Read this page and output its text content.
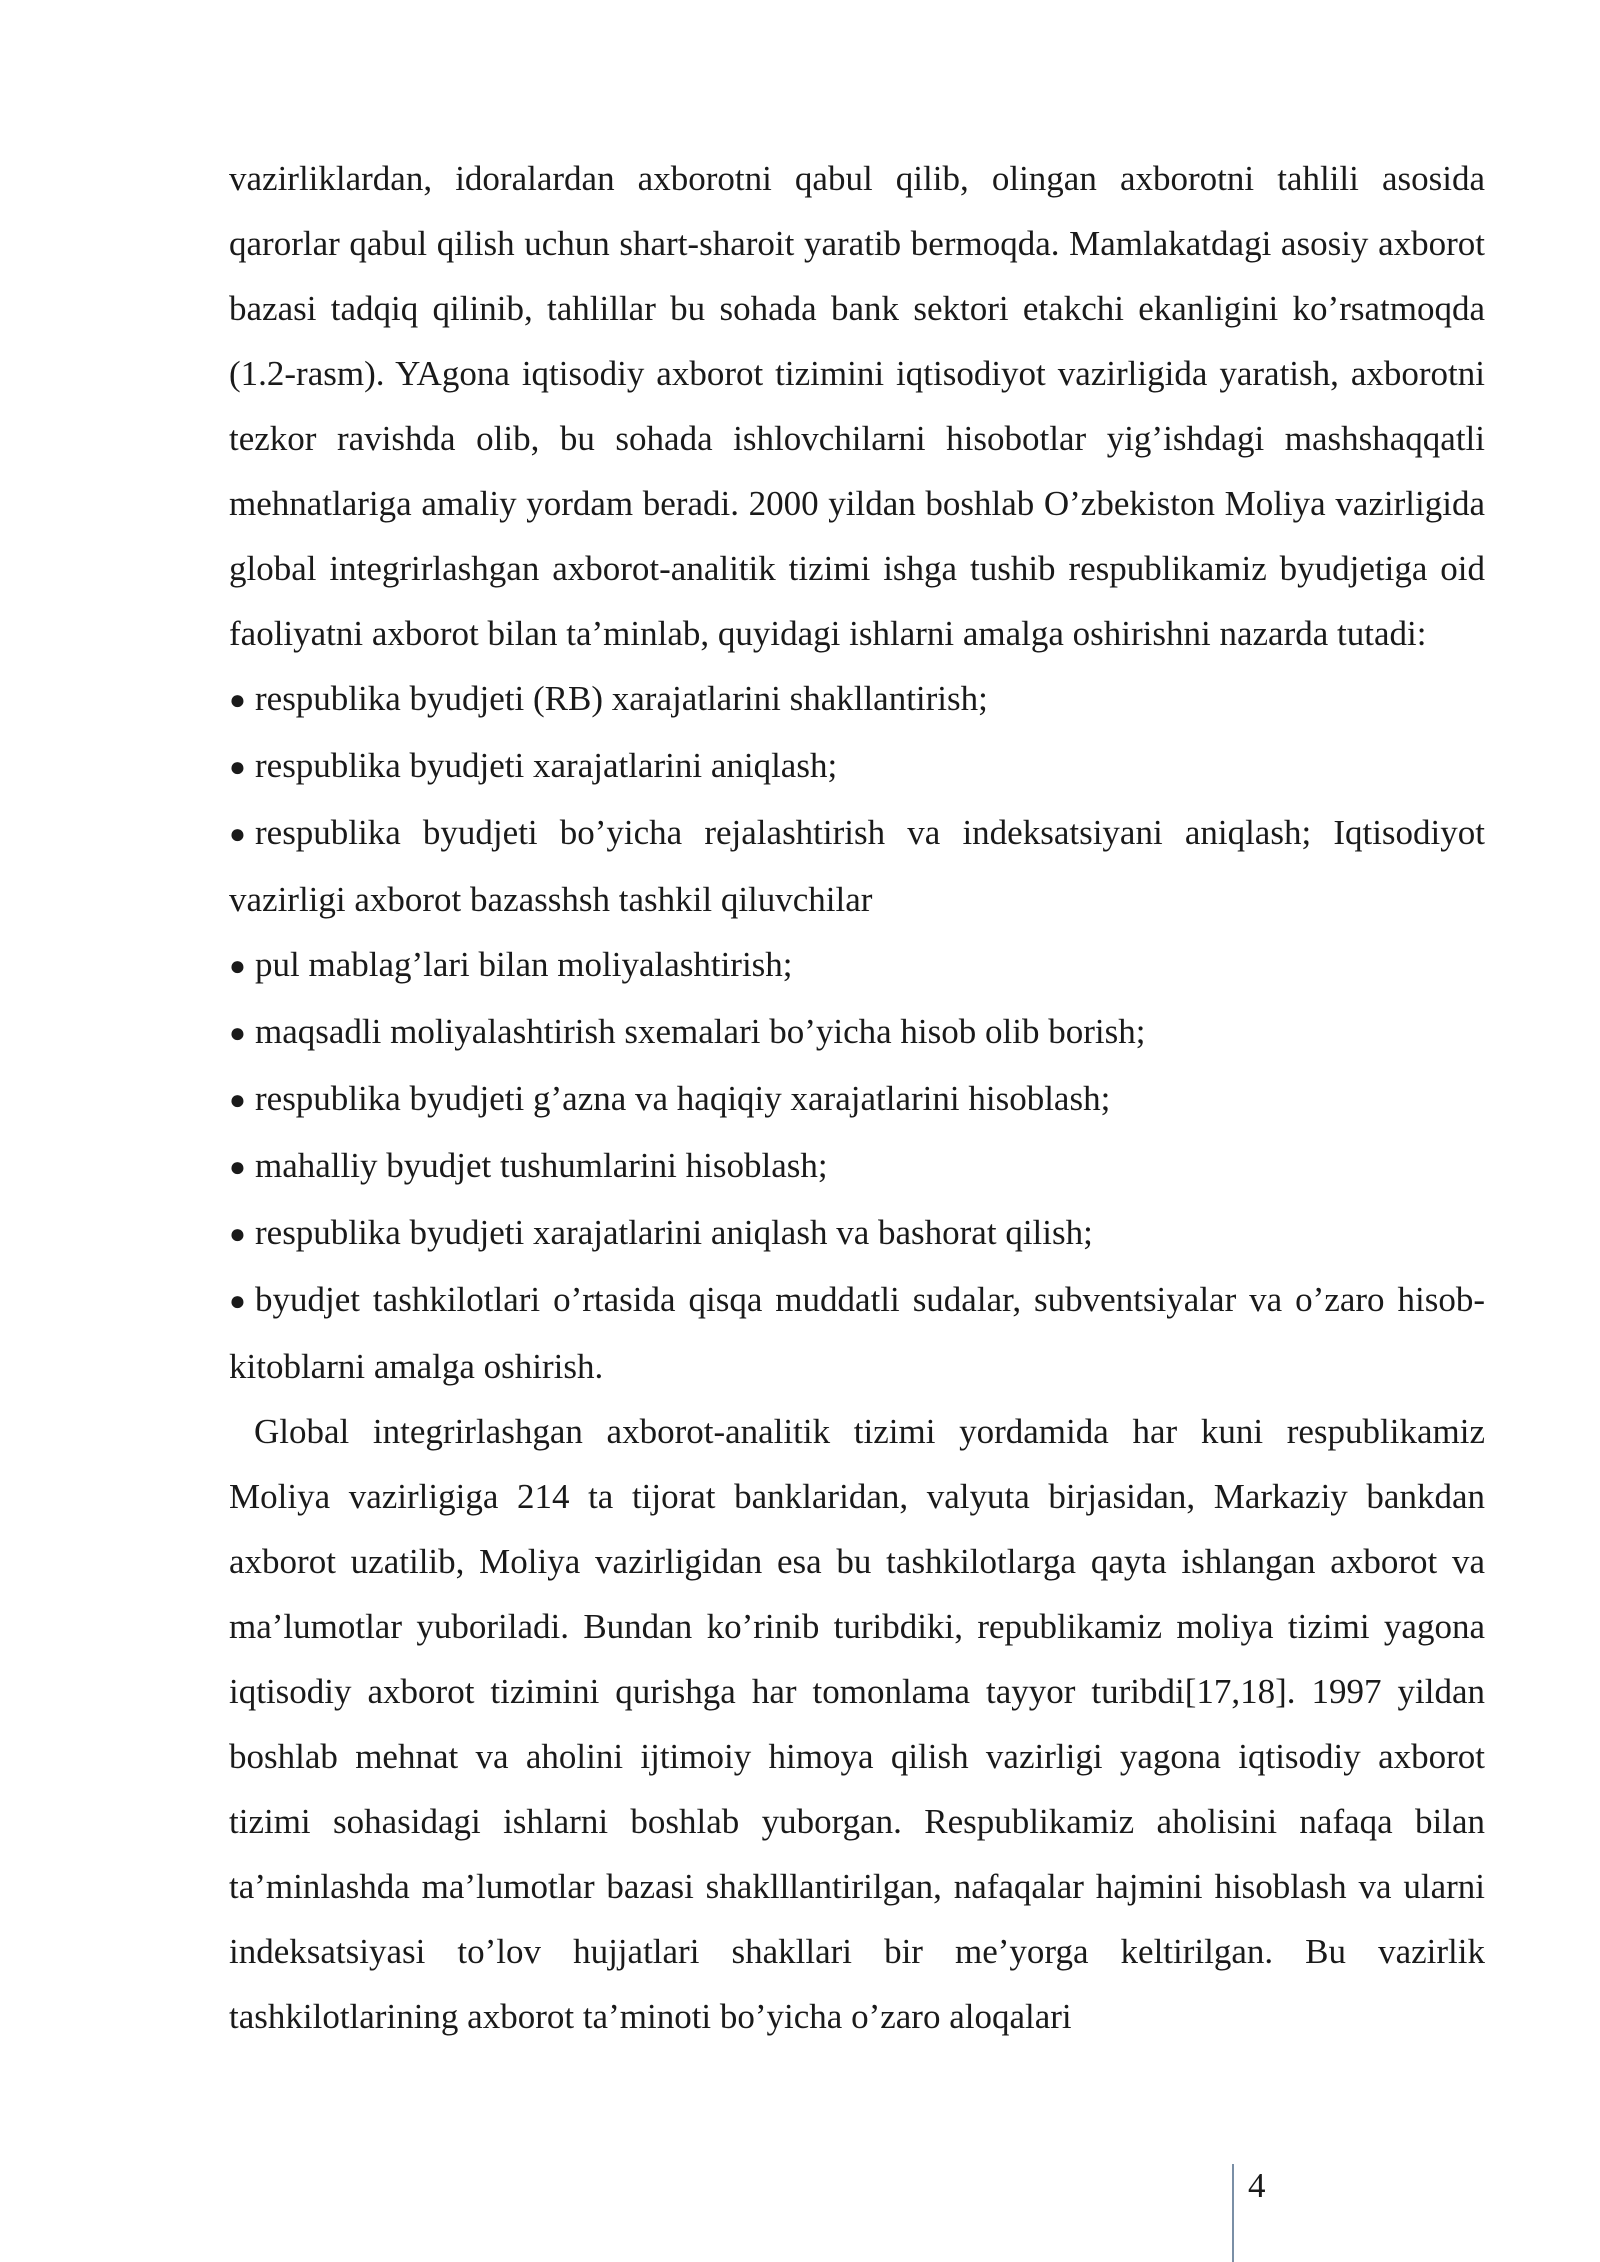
vazirliklardan, idoralardan axborotni qabul qilib, olingan axborotni tahlili asosida qarorlar qabul qilish uchun shart-sharoit yaratib bermoqda. Mamlakatdagi asosiy axborot bazasi tadqiq qilinib, tahlillar bu sohada bank sektori etakchi ekanligini ko’rsatmoqda (1.2-rasm). YAgona iqtisodiy axborot tizimini iqtisodiyot vazirligida yaratish, axborotni tezkor ravishda olib, bu sohada ishlovchilarni hisobotlar yig’ishdagi mashshaqqatli mehnatlariga amaliy yordam beradi. 2000 yildan boshlab O’zbekiston Moliya vazirligida global integrirlashgan axborot-analitik tizimi ishga tushib respublikamiz byudjetiga oid faoliyatni axborot bilan ta’minlab, quyidagi ishlarni amalga oshirishni nazarda tutadi:

● respublika byudjeti (RB) xarajatlarini shakllantirish;
● respublika byudjeti xarajatlarini aniqlash;
● respublika byudjeti bo’yicha rejalashtirish va indeksatsiyani aniqlash; Iqtisodiyot vazirligi axborot bazasshsh tashkil qiluvchilar
● pul mablag’lari bilan moliyalashtirish;
● maqsadli moliyalashtirish sxemalari bo’yicha hisob olib borish;
● respublika byudjeti g’azna va haqiqiy xarajatlarini hisoblash;
● mahalliy byudjet tushumlarini hisoblash;
● respublika byudjeti xarajatlarini aniqlash va bashorat qilish;
● byudjet tashkilotlari o’rtasida qisqa muddatli sudalar, subventsiyalar va o’zaro hisob-kitoblarni amalga oshirish.

Global integrirlashgan axborot-analitik tizimi yordamida har kuni respublikamiz Moliya vazirligiga 214 ta tijorat banklaridan, valyuta birjasidan, Markaziy bankdan axborot uzatilib, Moliya vazirligidan esa bu tashkilotlarga qayta ishlangan axborot va ma’lumotlar yuboriladi. Bundan ko’rinib turibdiki, republikamiz moliya tizimi yagona iqtisodiy axborot tizimini qurishga har tomonlama tayyor turibdi[17,18]. 1997 yildan boshlab mehnat va aholini ijtimoiy himoya qilish vazirligi yagona iqtisodiy axborot tizimi sohasidagi ishlarni boshlab yuborgan. Respublikamiz aholisini nafaqa bilan ta’minlashda ma’lumotlar bazasi shaklllantirilgan, nafaqalar hajmini hisoblash va ularni indeksatsiyasi to’lov hujjatlari shakllari bir me’yorga keltirilgan. Bu vazirlik tashkilotlarining axborot ta’minoti bo’yicha o’zaro aloqalari

4
